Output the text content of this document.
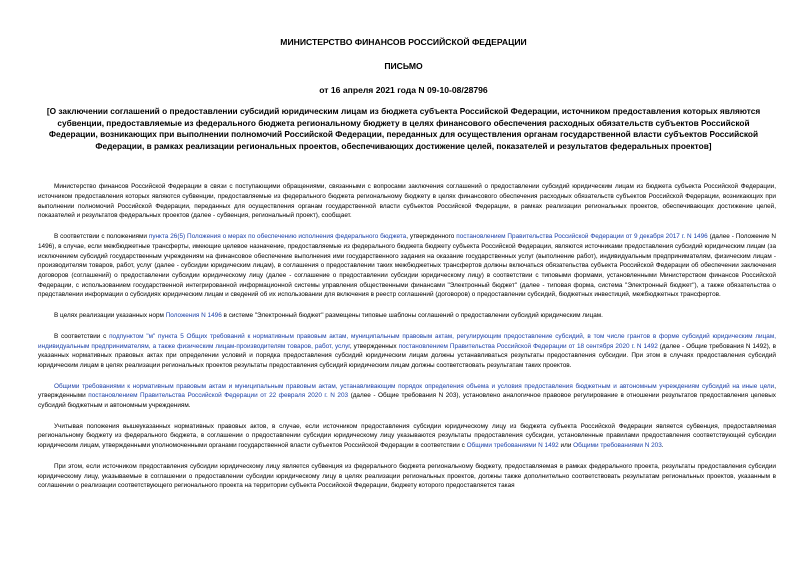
МИНИСТЕРСТВО ФИНАНСОВ РОССИЙСКОЙ ФЕДЕРАЦИИ
ПИСЬМО
от 16 апреля 2021 года N 09-10-08/28796
[О заключении соглашений о предоставлении субсидий юридическим лицам из бюджета субъекта Российской Федерации, источником предоставления которых являются субвенции, предоставляемые из федерального бюджета региональному бюджету в целях финансового обеспечения расходных обязательств субъектов Российской Федерации, возникающих при выполнении полномочий Российской Федерации, переданных для осуществления органам государственной власти субъектов Российской Федерации, в рамках реализации региональных проектов, обеспечивающих достижение целей, показателей и результатов федеральных проектов]

Министерство финансов Российской Федерации в связи с поступающими обращениями, связанными с вопросами заключения соглашений о предоставлении субсидий юридическим лицам из бюджета субъекта Российской Федерации, источником предоставления которых являются субвенции, предоставляемые из федерального бюджета региональному бюджету в целях финансового обеспечения расходных обязательств субъектов Российской Федерации, возникающих при выполнении полномочий Российской Федерации, переданных для осуществления органам государственной власти субъектов Российской Федерации, в рамках реализации региональных проектов, обеспечивающих достижение целей, показателей и результатов федеральных проектов (далее - субвенция, региональный проект), сообщает.

В соответствии с положениями пункта 26(5) Положения о мерах по обеспечению исполнения федерального бюджета, утвержденного постановлением Правительства Российской Федерации от 9 декабря 2017 г. N 1496 (далее - Положение N 1496), в случае, если межбюджетные трансферты, имеющие целевое назначение, предоставляемые из федерального бюджета бюджету субъекта Российской Федерации, являются источниками предоставления субсидий юридическим лицам (за исключением субсидий государственным учреждениям на финансовое обеспечение выполнения ими государственного задания на оказание государственных услуг (выполнение работ), индивидуальным предпринимателям, физическим лицам - производителям товаров, работ, услуг (далее - субсидии юридическим лицам), в соглашения о предоставлении таких межбюджетных трансфертов должны включаться обязательства субъекта Российской Федерации об обеспечении заключения договоров (соглашений) о предоставлении субсидии юридическому лицу (далее - соглашение о предоставлении субсидии юридическому лицу) в соответствии с типовыми формами, установленными Министерством финансов Российской Федерации, с использованием государственной интегрированной информационной системы управления общественными финансами "Электронный бюджет" (далее - типовая форма, система "Электронный бюджет"), а также обязательства о представлении информации о субсидиях юридическим лицам и сведений об их использовании для включения в реестр соглашений (договоров) о предоставлении субсидий, бюджетных инвестиций, межбюджетных трансфертов.

В целях реализации указанных норм Положения N 1496 в системе "Электронный бюджет" размещены типовые шаблоны соглашений о предоставлении субсидий юридическим лицам.

В соответствии с подпунктом "м" пункта 5 Общих требований к нормативным правовым актам, муниципальным правовым актам, регулирующим предоставление субсидий, в том числе грантов в форме субсидий юридическим лицам, индивидуальным предпринимателям, а также физическим лицам-производителям товаров, работ, услуг, утвержденных постановлением Правительства Российской Федерации от 18 сентября 2020 г. N 1492 (далее - Общие требования N 1492), в указанных нормативных правовых актах при определении условий и порядка предоставления субсидий юридическим лицам должны устанавливаться результаты предоставления субсидии. При этом в случаях предоставления субсидий юридическим лицам в целях реализации региональных проектов результаты предоставления субсидий юридическим лицам должны соответствовать результатам таких проектов.

Общими требованиями к нормативным правовым актам и муниципальным правовым актам, устанавливающим порядок определения объема и условия предоставления бюджетным и автономным учреждениям субсидий на иные цели, утвержденными постановлением Правительства Российской Федерации от 22 февраля 2020 г. N 203 (далее - Общие требования N 203), установлено аналогичное правовое регулирование в отношении результатов предоставления целевых субсидий бюджетным и автономным учреждениям.

Учитывая положения вышеуказанных нормативных правовых актов, в случае, если источником предоставления субсидии юридическому лицу из бюджета субъекта Российской Федерации является субвенция, предоставляемая региональному бюджету из федерального бюджета, в соглашении о предоставлении субсидии юридическому лицу указываются результаты предоставления субсидии, установленные правилами предоставления соответствующей субсидии юридическим лицам, утвержденными уполномоченными органами государственной власти субъектов Российской Федерации в соответствии с Общими требованиями N 1492 или Общими требованиями N 203.

При этом, если источником предоставления субсидии юридическому лицу является субвенция из федерального бюджета региональному бюджету, предоставляемая в рамках федерального проекта, результаты предоставления субсидии юридическому лицу, указываемые в соглашении о предоставлении субсидии юридическому лицу в целях реализации региональных проектов, должны также дополнительно соответствовать результатам региональных проектов, указанным в соглашении о реализации соответствующего регионального проекта на территории субъекта Российской Федерации, бюджету которого предоставляется такая
